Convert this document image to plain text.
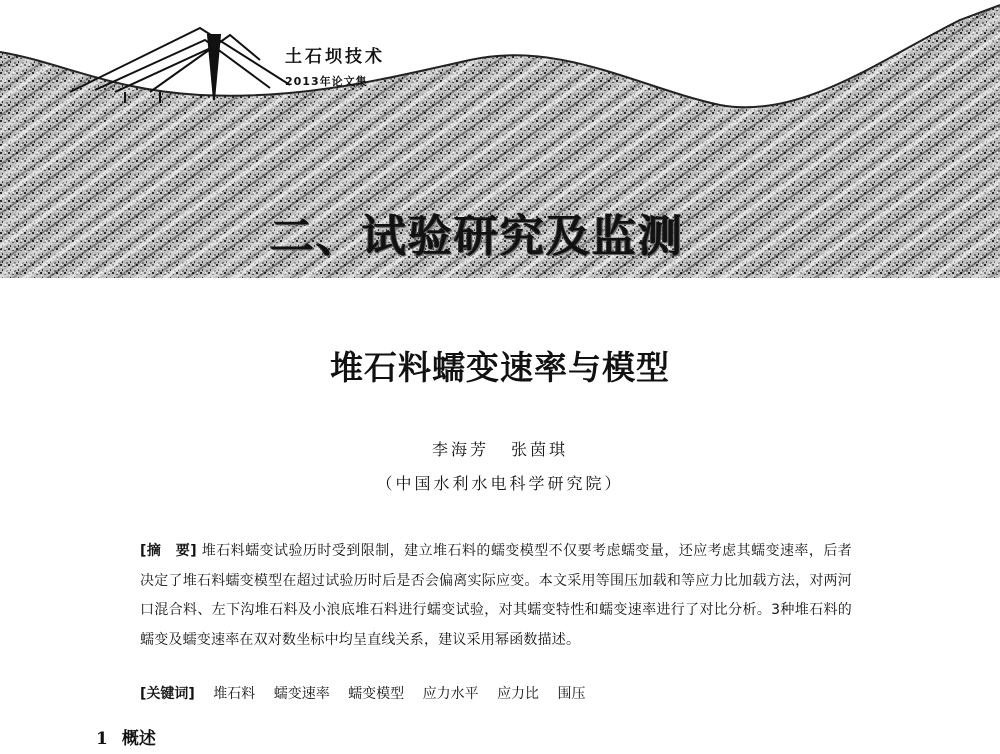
土石坝技术
2013年论文集
二、试验研究及监测
堆石料蠕变速率与模型
李海芳 张茵琪
（中国水利水电科学研究院）
[摘　要] 堆石料蠕变试验历时受到限制，建立堆石料的蠕变模型不仅要考虑蠕变量，还应考虑其蠕变速率，后者决定了堆石料蠕变模型在超过试验历时后是否会偏离实际应变。本文采用等围压加载和等应力比加载方法，对两河口混合料、左下沟堆石料及小浪底堆石料进行蠕变试验，对其蠕变特性和蠕变速率进行了对比分析。3种堆石料的蠕变及蠕变速率在双对数坐标中均呈直线关系，建议采用幂函数描述。
[关键词] 堆石料 蠕变速率 蠕变模型 应力水平 应力比 围压
1 概述
